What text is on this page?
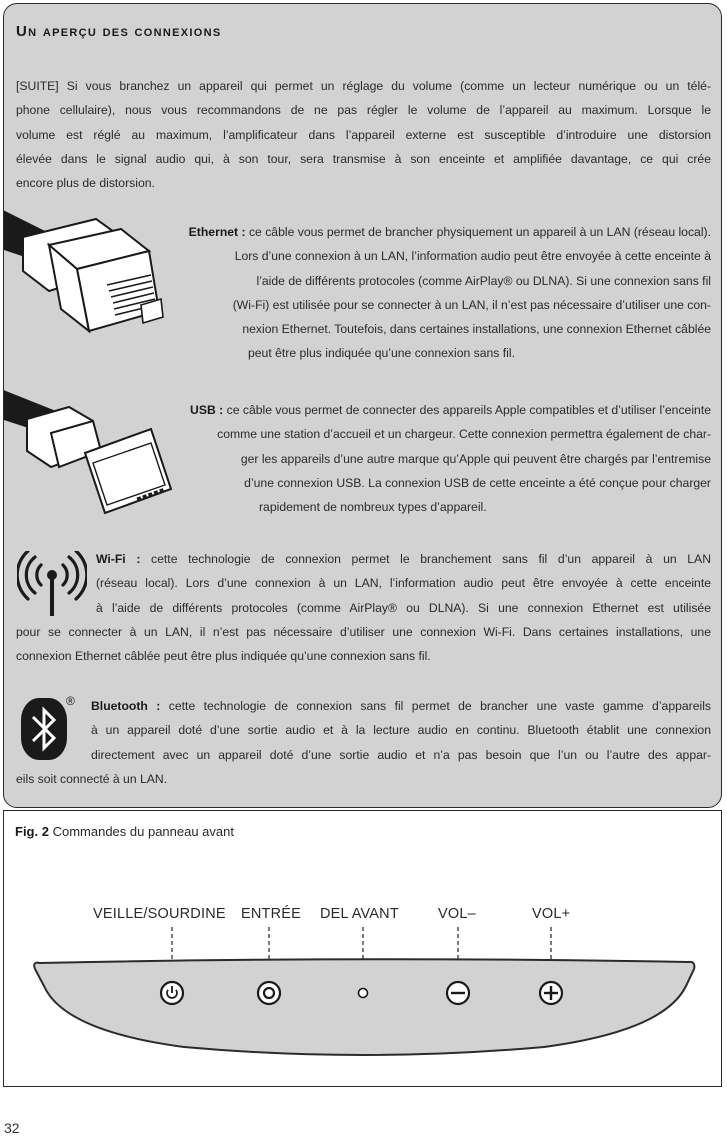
Un aperçu des connexions
[SUITE] Si vous branchez un appareil qui permet un réglage du volume (comme un lecteur numérique ou un télé-
phone cellulaire), nous vous recommandons de ne pas régler le volume de l’appareil au maximum. Lorsque le
volume est réglé au maximum, l’amplificateur dans l’appareil externe est susceptible d’introduire une distorsion
élevée dans le signal audio qui, à son tour, sera transmise à son enceinte et amplifiée davantage, ce qui crée
encore plus de distorsion.
Ethernet : ce câble vous permet de brancher physiquement un appareil à un LAN (réseau local).
Lors d’une connexion à un LAN, l’information audio peut être envoyée à cette enceinte à
l’aide de différents protocoles (comme AirPlay® ou DLNA). Si une connexion sans fil
(Wi-Fi) est utilisée pour se connecter à un LAN, il n’est pas nécessaire d’utiliser une con-
nexion Ethernet. Toutefois, dans certaines installations, une connexion Ethernet câblée
peut être plus indiquée qu’une connexion sans fil.
USB : ce câble vous permet de connecter des appareils Apple compatibles et d’utiliser l’enceinte
comme une station d’accueil et un chargeur. Cette connexion permettra également de char-
ger les appareils d’une autre marque qu’Apple qui peuvent être chargés par l’entremise
d’une connexion USB. La connexion USB de cette enceinte a été conçue pour charger
rapidement de nombreux types d’appareil.
Wi-Fi : cette technologie de connexion permet le branchement sans fil d’un appareil à un LAN
(réseau local). Lors d’une connexion à un LAN, l’information audio peut être envoyée à cette enceinte
à l’aide de différents protocoles (comme AirPlay® ou DLNA). Si une connexion Ethernet est utilisée
pour se connecter à un LAN, il n’est pas nécessaire d’utiliser une connexion Wi-Fi. Dans certaines installations, une
connexion Ethernet câblée peut être plus indiquée qu’une connexion sans fil.
®	Bluetooth : cette technologie de connexion sans fil permet de brancher une vaste gamme d’appareils
à un appareil doté d’une sortie audio et à la lecture audio en continu. Bluetooth établit une connexion
directement avec un appareil doté d’une sortie audio et n’a pas besoin que l’un ou l’autre des appar-
eils soit connecté à un LAN.
Fig. 2 Commandes du panneau avant
VEILLE/SOURDINE ENTRÉE DEL AVANT	VOL–	VOL+
32
